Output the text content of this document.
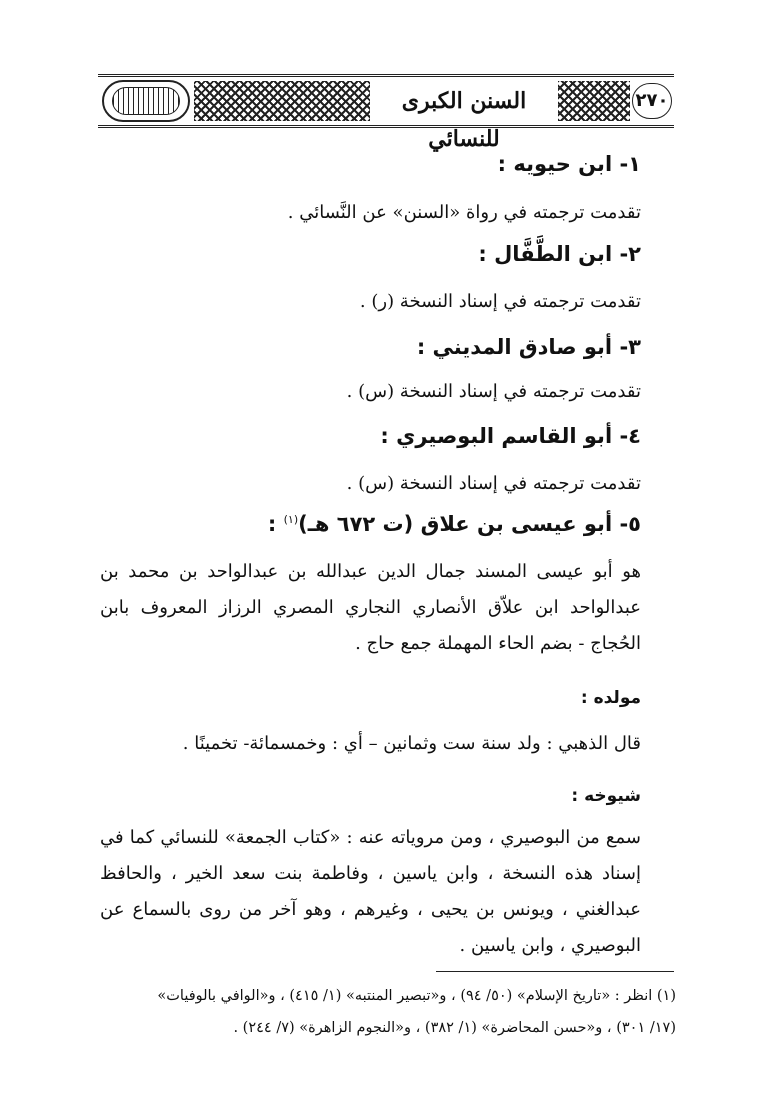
السنن الكبرى للنسائي
٢٧٠
١- ابن حيويه :
تقدمت ترجمته في رواة «السنن» عن النَّسائي .
٢- ابن الطَّفَّال :
تقدمت ترجمته في إسناد النسخة (ر) .
٣- أبو صادق المديني :
تقدمت ترجمته في إسناد النسخة (س) .
٤- أبو القاسم البوصيري :
تقدمت ترجمته في إسناد النسخة (س) .
٥- أبو عيسى بن علاق (ت ٦٧٢ هـ)$^{(١)}$ :
هو أبو عيسى المسند جمال الدين عبدالله بن عبدالواحد بن محمد بن عبدالواحد ابن علاّق الأنصاري النجاري المصري الرزاز المعروف بابن الحُجاج - بضم الحاء المهملة جمع حاج .
مولده :
قال الذهبي : ولد سنة ست وثمانين – أي : وخمسمائة- تخمينًا .
شيوخه :
سمع من البوصيري ، ومن مروياته عنه : «كتاب الجمعة» للنسائي كما في إسناد هذه النسخة ، وابن ياسين ، وفاطمة بنت سعد الخير ، والحافظ عبدالغني ، ويونس بن يحيى ، وغيرهم ، وهو آخر من روى بالسماع عن البوصيري ، وابن ياسين .
(١) انظر : «تاريخ الإسلام» (٥٠/ ٩٤) ، و«تبصير المنتبه» (١/ ٤١٥) ، و«الوافي بالوفيات»
(١٧/ ٣٠١) ، و«حسن المحاضرة» (١/ ٣٨٢) ، و«النجوم الزاهرة» (٧/ ٢٤٤) .
